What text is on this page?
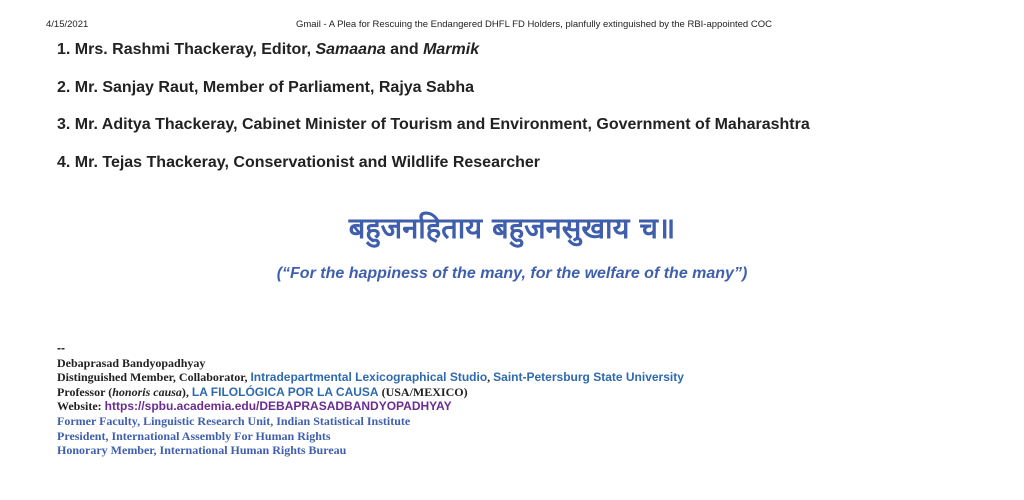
4/15/2021	Gmail - A Plea for Rescuing the Endangered DHFL FD Holders, planfully extinguished by the RBI-appointed COC
1. Mrs. Rashmi Thackeray, Editor, Samaana and Marmik
2. Mr. Sanjay Raut, Member of Parliament, Rajya Sabha
3. Mr. Aditya Thackeray, Cabinet Minister of Tourism and Environment, Government of Maharashtra
4. Mr. Tejas Thackeray, Conservationist and Wildlife Researcher
बहुजनहिताय बहुजनसुखाय च॥
(“For the happiness of the many, for the welfare of the many”)
--
Debaprasad Bandyopadhyay
Distinguished Member, Collaborator, Intradepartmental Lexicographical Studio, Saint-Petersburg State University
Professor (honoris causa), LA FILOLÓGICA POR LA CAUSA (USA/MEXICO)
Website: https://spbu.academia.edu/DEBAPRASADBANDYOPADHYAY
Former Faculty, Linguistic Research Unit, Indian Statistical Institute
President, International Assembly For Human Rights
Honorary Member, International Human Rights Bureau
